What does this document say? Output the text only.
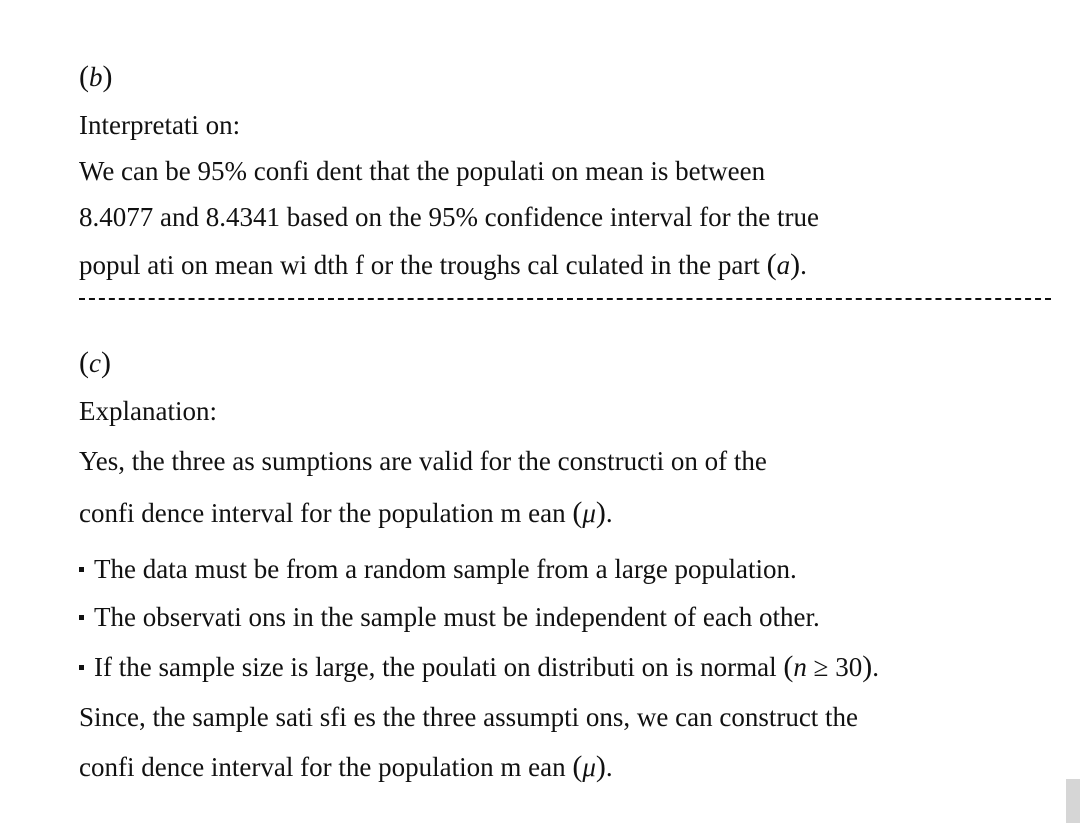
(b)
Interpretati on:
We can be 95% confi dent that the populati on mean is between
8.4077 and 8.4341 based on the 95% confidence interval for the true
popul ati on mean wi dth f or the troughs cal culated in the part (a).
(c)
Explanation:
Yes, the three as sumptions are valid for the constructi on of the
confi dence interval for the population m ean (μ).
The data must be from a random sample from a large population.
The observati ons in the sample must be independent of each other.
If the sample size is large, the poulati on distributi on is normal (n ≥ 30).
Since, the sample sati sfi es the three assumpti ons, we can construct the
confi dence interval for the population m ean (μ).
